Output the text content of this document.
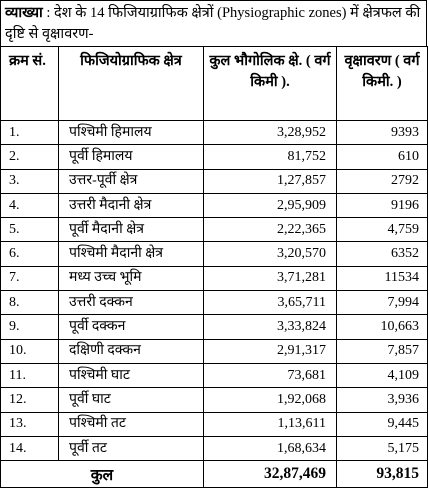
व्याख्या : देश के 14 फिजियाग्राफिक क्षेत्रों (Physiographic zones) में क्षेत्रफल की दृष्टि से वृक्षावरण-
क्रम सं.	फिजियोग्राफिक क्षेत्र	कुल भौगोलिक क्षे. ( वर्ग किमी ).	वृक्षावरण ( वर्ग किमी. )
1.	पश्चिमी हिमालय	3,28,952	9393
2.	पूर्वी हिमालय	81,752	610
3.	उत्तर-पूर्वी क्षेत्र	1,27,857	2792
4.	उत्तरी मैदानी क्षेत्र	2,95,909	9196
5.	पूर्वी मैदानी क्षेत्र	2,22,365	4,759
6.	पश्चिमी मैदानी क्षेत्र	3,20,570	6352
7.	मध्य उच्च भूमि	3,71,281	11534
8.	उत्तरी दक्कन	3,65,711	7,994
9.	पूर्वी दक्कन	3,33,824	10,663
10.	दक्षिणी दक्कन	2,91,317	7,857
11.	पश्चिमी घाट	73,681	4,109
12.	पूर्वी घाट	1,92,068	3,936
13.	पश्चिमी तट	1,13,611	9,445
14.	पूर्वी तट	1,68,634	5,175
कुल		32,87,469	93,815
